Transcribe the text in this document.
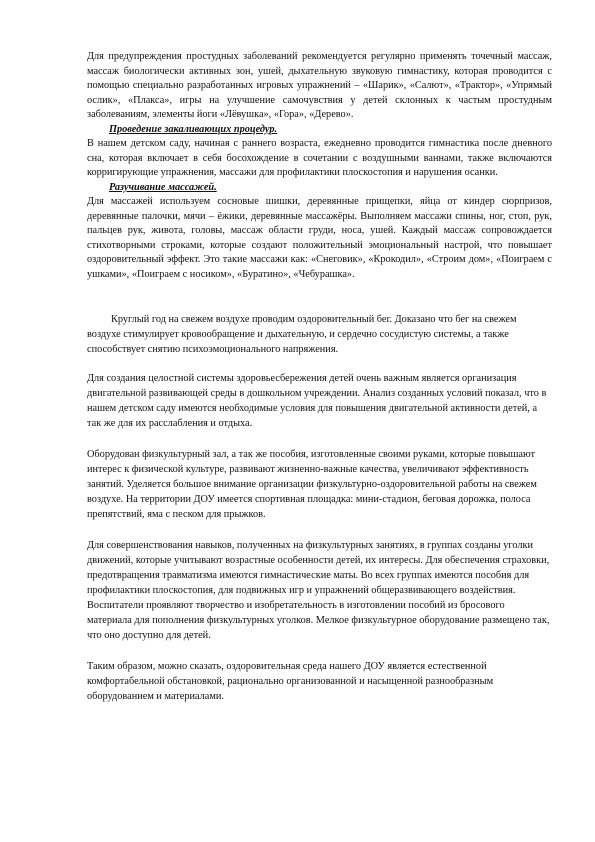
Для предупреждения простудных заболеваний рекомендуется регулярно применять точечный массаж, массаж биологически активных зон, ушей, дыхательную звуковую гимнастику, которая проводится с помощью специально разработанных игровых упражнений – «Шарик», «Салют», «Трактор», «Упрямый ослик», «Плакса», игры на улучшение самочувствия у детей склонных к частым простудным заболеваниям, элементы йоги «Лёвушка», «Гора», «Дерево».

Проведение закаливающих процедур.

В нашем детском саду, начиная с раннего возраста, ежедневно проводится гимнастика после дневного сна, которая включает в себя босохождение в сочетании с воздушными ваннами, также включаются корригирующие упражнения, массажи для профилактики плоскостопия и нарушения осанки.

Разучивание массажей.

Для массажей используем сосновые шишки, деревянные прищепки, яйца от киндер сюрпризов, деревянные палочки, мячи – ёжики, деревянные массажёры. Выполняем массажи спины, ног, стоп, рук, пальцев рук, живота, головы, массаж области груди, носа, ушей. Каждый массаж сопровождается стихотворными строками, которые создают положительный эмоциональный настрой, что повышает оздоровительный эффект. Это такие массажи как: «Снеговик», «Крокодил», «Строим дом», «Поиграем с ушками», «Поиграем с носиком», «Буратино», «Чебурашка».

Круглый год на свежем воздухе проводим оздоровительный бег. Доказано что бег на свежем воздухе стимулирует кровообращение и дыхательную, и сердечно сосудистую системы, а также способствует снятию психоэмоционального напряжения.

Для создания целостной системы здоровьесбережения детей очень важным является организация двигательной развивающей среды в дошкольном учреждении. Анализ созданных условий показал, что в нашем детском саду имеются необходимые условия для повышения двигательной активности детей, а так же для их расслабления и отдыха.

Оборудован физкультурный зал, а так же пособия, изготовленные своими руками, которые повышают интерес к физической культуре, развивают жизненно-важные качества, увеличивают эффективность занятий. Уделяется большое внимание организации физкультурно-оздоровительной работы на свежем воздухе. На территории ДОУ имеется спортивная площадка: мини-стадион, беговая дорожка, полоса препятствий, яма с песком для прыжков.

Для совершенствования навыков, полученных на физкультурных занятиях, в группах созданы уголки движений, которые учитывают возрастные особенности детей, их интересы. Для обеспечения страховки, предотвращения травматизма имеются гимнастические маты. Во всех группах имеются пособия для профилактики плоскостопия, для подвижных игр и упражнений общеразвивающего воздействия. Воспитатели проявляют творчество и изобретательность в изготовлении пособий из бросового материала для пополнения физкультурных уголков. Мелкое физкультурное оборудование размещено так, что оно доступно для детей.

Таким образом, можно сказать, оздоровительная среда нашего ДОУ является естественной комфортабельной обстановкой, рационально организованной и насыщенной разнообразным оборудованием и материалами.
